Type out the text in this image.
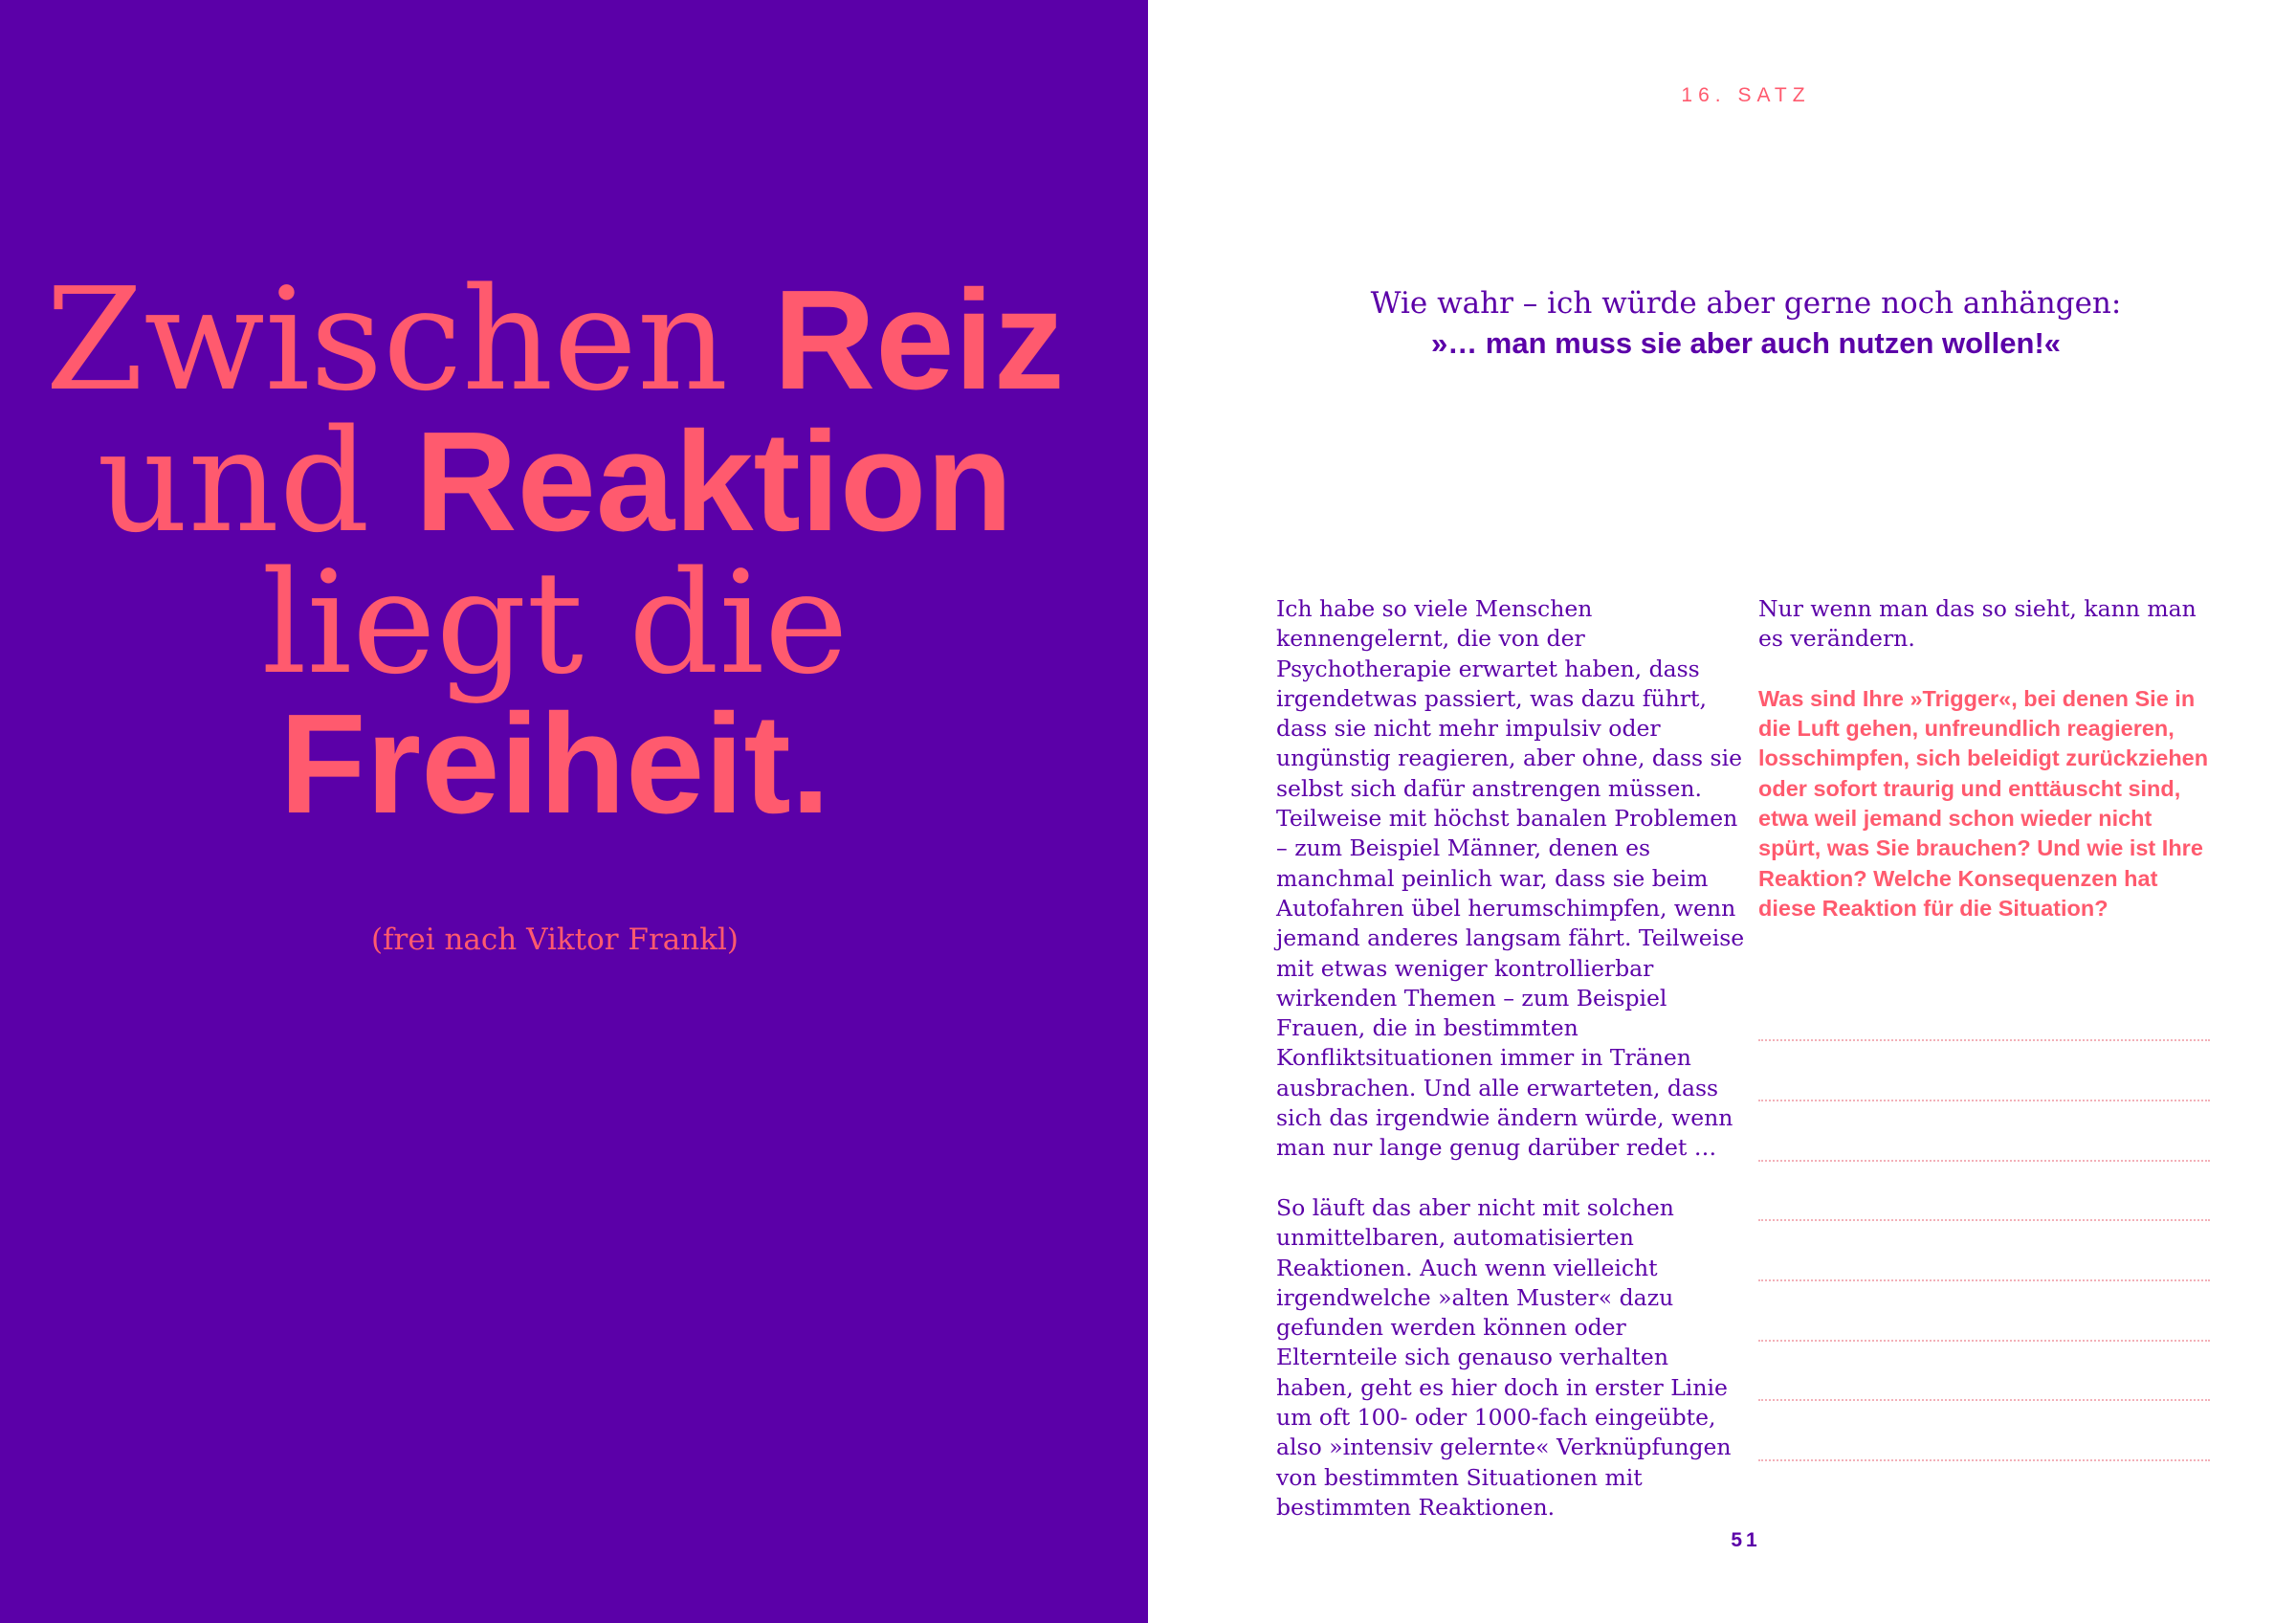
Zwischen Reiz
und Reaktion
liegt die
Freiheit.
(frei nach Viktor Frankl)
16. SATZ
Wie wahr – ich würde aber gerne noch anhängen:
»… man muss sie aber auch nutzen wollen!«

Ich habe so viele Menschen kennengelernt, die von der Psychotherapie erwartet haben, dass irgendetwas passiert, was dazu führt, dass sie nicht mehr impulsiv oder ungünstig reagieren, aber ohne, dass sie selbst sich dafür anstrengen müssen. Teilweise mit höchst banalen Problemen – zum Beispiel Männer, denen es manchmal peinlich war, dass sie beim Autofahren übel herumschimpfen, wenn jemand anderes langsam fährt. Teilweise mit etwas weniger kontrollierbar wirkenden Themen – zum Beispiel Frauen, die in bestimmten Konfliktsituationen immer in Tränen ausbrachen. Und alle erwarteten, dass sich das irgendwie ändern würde, wenn man nur lange genug darüber redet …

So läuft das aber nicht mit solchen unmittelbaren, automatisierten Reaktionen. Auch wenn vielleicht irgendwelche »alten Muster« dazu gefunden werden können oder Elternteile sich genauso verhalten haben, geht es hier doch in erster Linie um oft 100- oder 1000-fach eingeübte, also »intensiv gelernte« Verknüpfungen von bestimmten Situationen mit bestimmten Reaktionen.

Nur wenn man das so sieht, kann man es verändern.

Was sind Ihre »Trigger«, bei denen Sie in die Luft gehen, unfreundlich reagieren, losschimpfen, sich beleidigt zurückziehen oder sofort traurig und enttäuscht sind, etwa weil jemand schon wieder nicht spürt, was Sie brauchen? Und wie ist Ihre Reaktion? Welche Konsequenzen hat diese Reaktion für die Situation?

51
